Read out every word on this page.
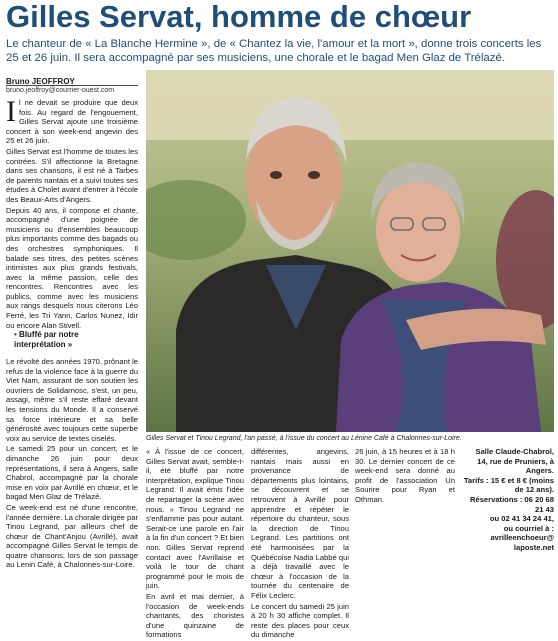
Gilles Servat, homme de chœur
Le chanteur de « La Blanche Hermine », de « Chantez la vie, l'amour et la mort », donne trois concerts les 25 et 26 juin. Il sera accompagné par ses musiciens, une chorale et le bagad Men Glaz de Trélazé.
Bruno JEOFFROY
bruno.jeoffroy@courrier-ouest.com
I l ne devait se produire que deux fois. Au regard de l'engouement, Gilles Servat ajoute une troisième concert à son week-end angevin des 25 et 26 juin.

Gilles Servat est l'homme de toutes les contrées. S'il affectionne la Bretagne dans ses chansons, il est né à Tarbes de parents nantais et a suivi toutes ses études à Cholet avant d'entrer à l'école des Beaux-Arts d'Angers.

Depuis 40 ans, il compose et chante, accompagné d'une poignée de musiciens ou d'ensembles beaucoup plus importants comme des bagads ou des orchestres symphoniques. Il balade ses titres, des petites scènes intimistes aux plus grands festivals, avec la même passion, celle des rencontres. Rencontres avec les publics, comme avec les musiciens aux rangs desquels nous citerons Léo Ferré, les Tri Yann, Carlos Nunez, Idir ou encore Alan Stivell.

• Bluffé par notre interprétation »

Le révolté des années 1970, prônant le refus de la violence face à la guerre du Viet Nam, assurant de son soutien les ouvriers de Solidarnosc, s'est, un peu, assagi, même s'il reste effaré devant les tensions du Monde. Il a conservé sa force intérieure et sa belle générosité avec toujours cette superbe voix au service de textes ciselés.

Le samedi 25 pour un concert, et le dimanche 26 juin pour deux représentations, il sera à Angers, salle Chabrol, accompagné par la chorale mise en voix par Avrillé en chœur, et le bagad Men Glaz de Trélazé.

Ce week-end est né d'une rencontre, l'année dernière. La chorale dirigée par Tinou Legrand, par ailleurs chef de chœur de Chant'Anjou (Avrillé), avait accompagné Gilles Servat le temps de quatre chansons, lors de son passage au Lenin Café, à Chalonnes-sur-Loire.

Gilles Servat et Tinou Legrand, l'an passé, à l'issue du concert au Lénine Café à Chalonnes-sur-Loire.

« À l'issue de ce concert, Gilles Servat avait, semble-t-il, été bluffé par notre interprétation, explique Tinou Legrand. Il avait émis l'idée de repartager la scène avec nous. » Tinou Legrand ne s'enflamme pas pour autant. Serait-ce une parole en l'air à la fin d'un concert ? Et bien non. Gilles Servat reprend contact avec l'Avrillaise et voilà le tour de chant programmé pour le mois de juin.

En avril et mai dernier, à l'occasion de week-ends chantants, des choristes d'une quinzaine de formations

différentes, angevins, nantais mais aussi en provenance de départements plus lointains, se découvrent et se retrouvent à Avrillé pour apprendre et répéter le répertoire du chanteur, sous la direction de Tinou Legrand. Les partitions ont été harmonisées par la Québécoise Nadia Labbé qui a déjà travaillé avec le chœur à l'occasion de la tournée du centenaire de Félix Leclerc.

Le concert du samedi 25 juin à 20 h 30 affiche complet. Il reste des places pour ceux du dimanche

26 juin, à 15 heures et à 18 h 30. Le dernier concert de ce week-end sera donné au profit de l'association Un Sourire pour Ryan et Othman.

Salle Claude-Chabrol,
14, rue de Pruniers, à Angers.
Tarifs : 15 € et 8 € (moins de 12 ans).
Réservations : 06 20 68 21 43
ou 02 41 34 24 41,
ou courriel à : avrilleenchoeur@
laposte.net
